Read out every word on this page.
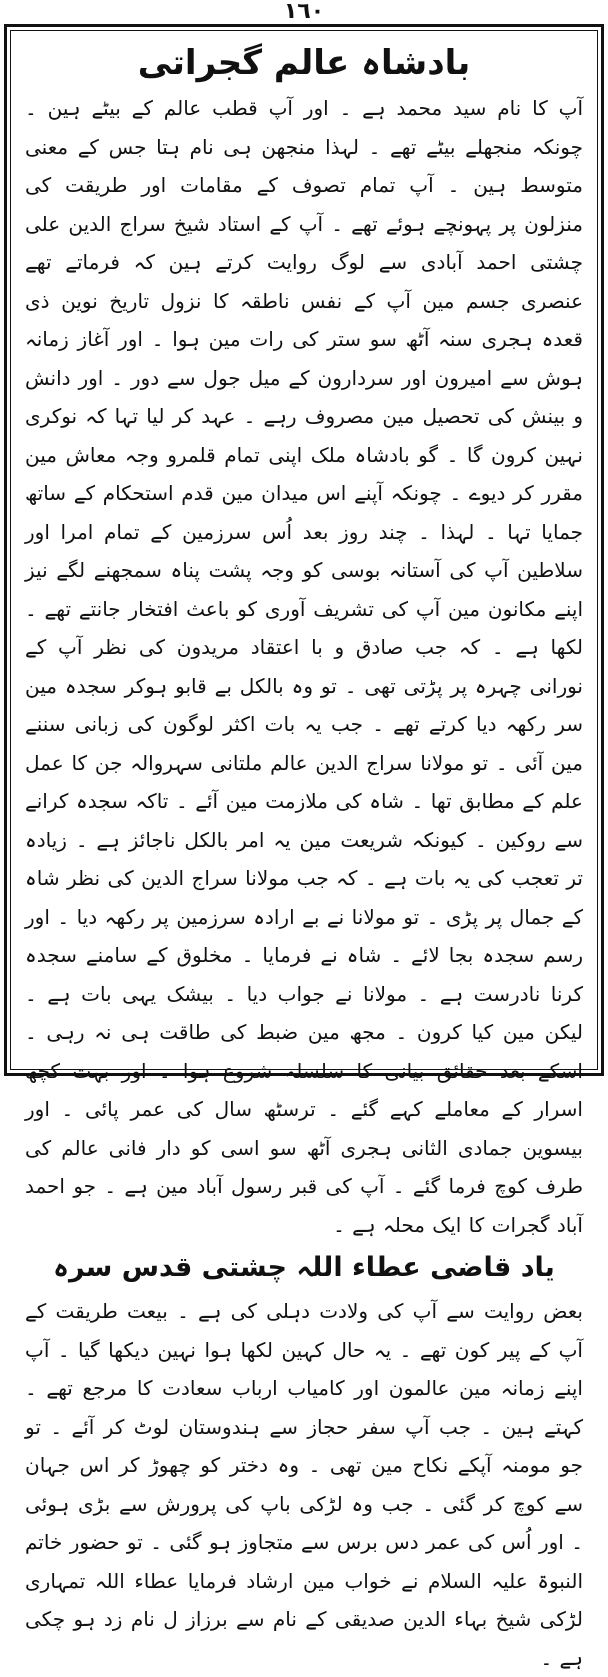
١٦٠
بادشاہ عالم گجراتی

آپ کا نام سید محمد ہے ۔ اور آپ قطب عالم کے بیٹے ہین ۔ چونکہ منجھلے بیٹے تھے ۔ لہذا منجھن ہی نام ہتا جس کے معنی متوسط ہین ۔ آپ تمام تصوف کے مقامات اور طریقت کی منزلون پر پہونچے ہوئے تھے ۔ آپ کے استاد شیخ سراج الدین علی چشتی احمد آبادی سے لوگ روایت کرتے ہین کہ فرماتے تھے عنصری جسم مین آپ کے نفس ناطقہ کا نزول تاریخ نوین ذی قعدہ ہجری سنہ آٹھ سو ستر کی رات مین ہوا ۔ اور آغاز زمانہ ہوش سے امیرون اور سردارون کے میل جول سے دور ۔ اور دانش و بینش کی تحصیل مین مصروف رہے ۔ عہد کر لیا تہا کہ نوکری نہین کرون گا ۔ گو بادشاہ ملک اپنی تمام قلمرو وجہ معاش مین مقرر کر دیوے ۔ چونکہ آپنے اس میدان مین قدم استحکام کے ساتھ جمایا تہا ۔ لہذا ۔ چند روز بعد اُس سرزمین کے تمام امرا اور سلاطین آپ کی آستانہ بوسی کو وجہ پشت پناہ سمجھنے لگے نیز اپنے مکانون مین آپ کی تشریف آوری کو باعث افتخار جانتے تھے ۔ لکھا ہے ۔ کہ جب صادق و با اعتقاد مریدون کی نظر آپ کے نورانی چہرہ پر پڑتی تھی ۔ تو وہ بالکل بے قابو ہوکر سجدہ مین سر رکھہ دیا کرتے تھے ۔ جب یہ بات اکثر لوگون کی زبانی سننے مین آئی ۔ تو مولانا سراج الدین عالم ملتانی سہروالہ جن کا عمل علم کے مطابق تھا ۔ شاہ کی ملازمت مین آئے ۔ تاکہ سجدہ کرانے سے روکین ۔ کیونکہ شریعت مین یہ امر بالکل ناجائز ہے ۔ زیادہ تر تعجب کی یہ بات ہے ۔ کہ جب مولانا سراج الدین کی نظر شاہ کے جمال پر پڑی ۔ تو مولانا نے بے ارادہ سرزمین پر رکھہ دیا ۔ اور رسم سجدہ بجا لائے ۔ شاہ نے فرمایا ۔ مخلوق کے سامنے سجدہ کرنا نادرست ہے ۔ مولانا نے جواب دیا ۔ بیشک یہی بات ہے ۔ لیکن مین کیا کرون ۔ مجھ مین ضبط کی طاقت ہی نہ رہی ۔ اسکے بعد حقائق بیانی کا سلسلہ شروع ہوا ۔ اور بہت کچھ اسرار کے معاملے کہے گئے ۔ ترسٹھ سال کی عمر پائی ۔ اور بیسوین جمادی الثانی ہجری آٹھ سو اسی کو دار فانی عالم کی طرف کوچ فرما گئے ۔ آپ کی قبر رسول آباد مین ہے ۔ جو احمد آباد گجرات کا ایک محلہ ہے ۔

یاد قاضی عطاء اللہ چشتی قدس سرہ

بعض روایت سے آپ کی ولادت دہلی کی ہے ۔ بیعت طریقت کے آپ کے پیر کون تھے ۔ یہ حال کہین لکھا ہوا نہین دیکھا گیا ۔ آپ اپنے زمانہ مین عالمون اور کامیاب ارباب سعادت کا مرجع تھے ۔ کہتے ہین ۔ جب آپ سفر حجاز سے ہندوستان لوٹ کر آئے ۔ تو جو مومنہ آپکے نکاح مین تھی ۔ وہ دختر کو چھوڑ کر اس جہان سے کوچ کر گئی ۔ جب وہ لڑکی باپ کی پرورش سے بڑی ہوئی ۔ اور اُس کی عمر دس برس سے متجاوز ہو گئی ۔ تو حضور خاتم النبوۃ علیہ السلام نے خواب مین ارشاد فرمایا عطاء اللہ تمہاری لڑکی شیخ بہاء الدین صدیقی کے نام سے برزاز ل نام زد ہو چکی ہے ۔
